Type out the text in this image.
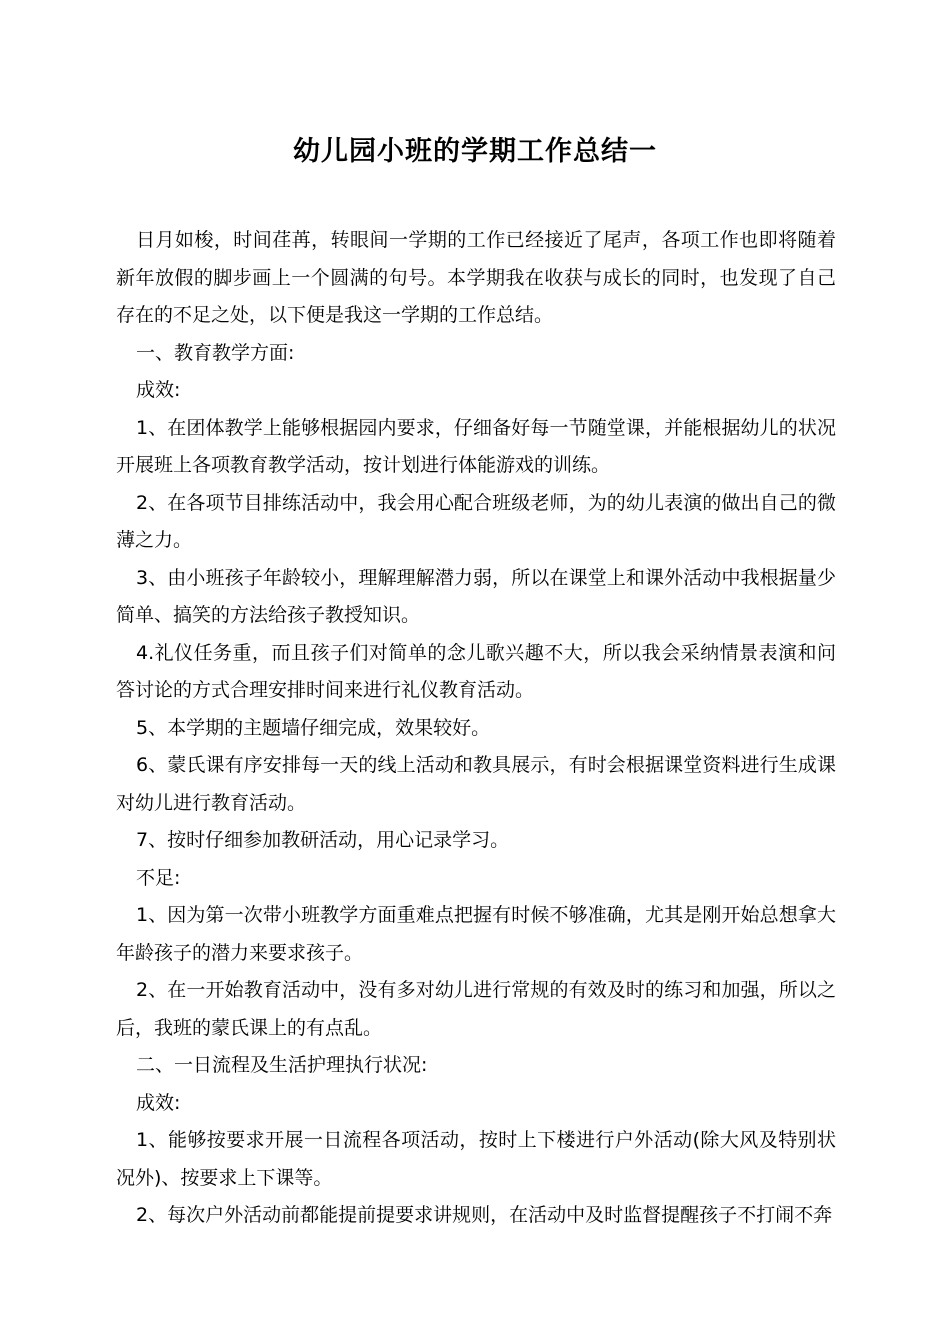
幼儿园小班的学期工作总结一

日月如梭，时间荏苒，转眼间一学期的工作已经接近了尾声，各项工作也即将随着新年放假的脚步画上一个圆满的句号。本学期我在收获与成长的同时，也发现了自己存在的不足之处，以下便是我这一学期的工作总结。

一、教育教学方面:

成效:

1、在团体教学上能够根据园内要求，仔细备好每一节随堂课，并能根据幼儿的状况开展班上各项教育教学活动，按计划进行体能游戏的训练。

2、在各项节目排练活动中，我会用心配合班级老师，为的幼儿表演的做出自己的微薄之力。

3、由小班孩子年龄较小，理解理解潜力弱，所以在课堂上和课外活动中我根据量少简单、搞笑的方法给孩子教授知识。

4.礼仪任务重，而且孩子们对简单的念儿歌兴趣不大，所以我会采纳情景表演和问答讨论的方式合理安排时间来进行礼仪教育活动。

5、本学期的主题墙仔细完成，效果较好。

6、蒙氏课有序安排每一天的线上活动和教具展示，有时会根据课堂资料进行生成课对幼儿进行教育活动。

7、按时仔细参加教研活动，用心记录学习。

不足:

1、因为第一次带小班教学方面重难点把握有时候不够准确，尤其是刚开始总想拿大年龄孩子的潜力来要求孩子。

2、在一开始教育活动中，没有多对幼儿进行常规的有效及时的练习和加强，所以之后，我班的蒙氏课上的有点乱。

二、一日流程及生活护理执行状况:

成效:

1、能够按要求开展一日流程各项活动，按时上下楼进行户外活动(除大风及特别状况外)、按要求上下课等。

2、每次户外活动前都能提前提要求讲规则，在活动中及时监督提醒孩子不打闹不奔
